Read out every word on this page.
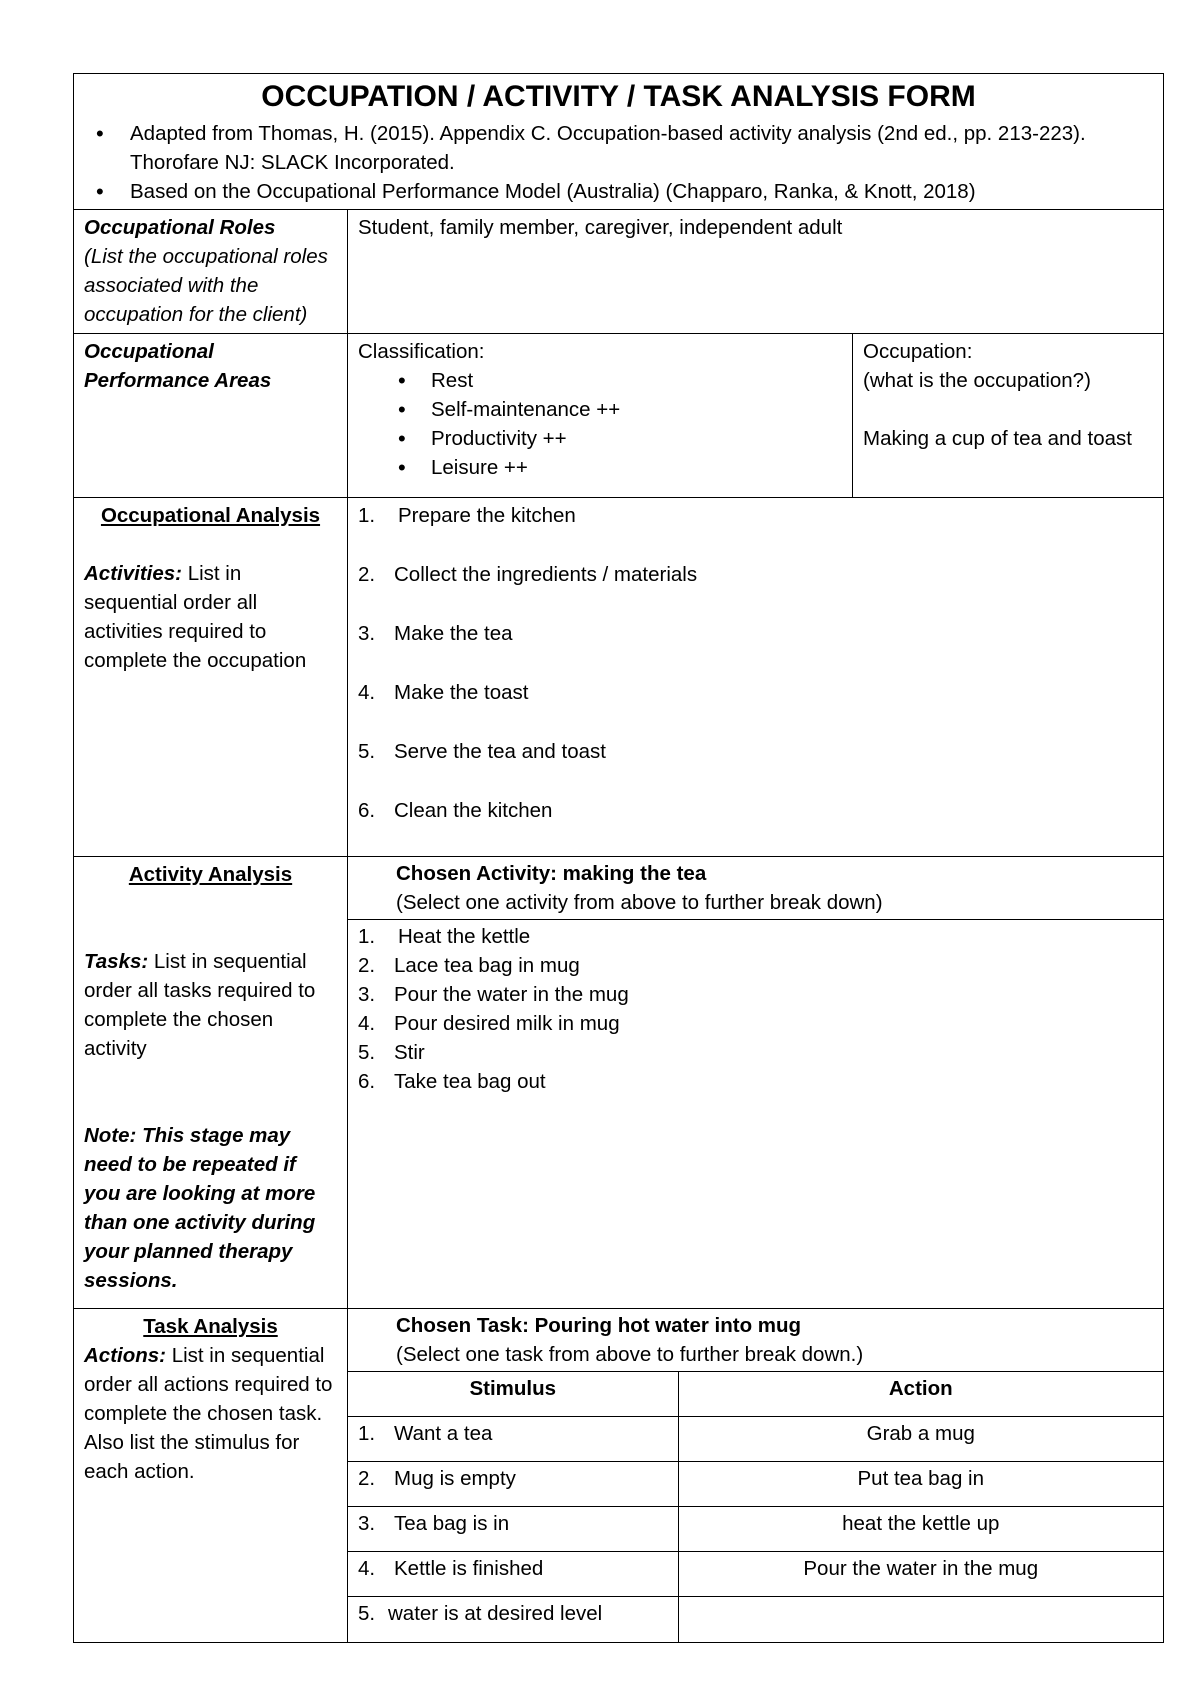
OCCUPATION / ACTIVITY / TASK ANALYSIS FORM
• Adapted from Thomas, H. (2015). Appendix C. Occupation-based activity analysis (2nd ed., pp. 213-223). Thorofare NJ: SLACK Incorporated.
• Based on the Occupational Performance Model (Australia) (Chapparo, Ranka, & Knott, 2018)

Occupational Roles
(List the occupational roles associated with the occupation for the client)	Student, family member, caregiver, independent adult

Occupational Performance Areas

Classification:
• Rest
• Self-maintenance ++
• Productivity ++
• Leisure ++

Occupation:
(what is the occupation?)
Making a cup of tea and toast

Occupational Analysis
Activities: List in sequential order all activities required to complete the occupation

1.	Prepare the kitchen
2. Collect the ingredients / materials
3. Make the tea
4. Make the toast
5. Serve the tea and toast
6. Clean the kitchen

Activity Analysis
Tasks: List in sequential order all tasks required to complete the chosen activity
Note: This stage may need to be repeated if you are looking at more than one activity during your planned therapy sessions.

Chosen Activity: making the tea
(Select one activity from above to further break down)

1.	Heat the kettle
2. Lace tea bag in mug
3. Pour the water in the mug
4. Pour desired milk in mug
5. Stir
6. Take tea bag out

Task Analysis
Actions: List in sequential order all actions required to complete the chosen task. Also list the stimulus for each action.

Chosen Task: Pouring hot water into mug
(Select one task from above to further break down.)

Stimulus	Action

1. Want a tea	Grab a mug

2. Mug is empty	Put tea bag in

3. Tea bag is in	heat the kettle up

4. Kettle is finished	Pour the water in the mug

5. water is at desired level
